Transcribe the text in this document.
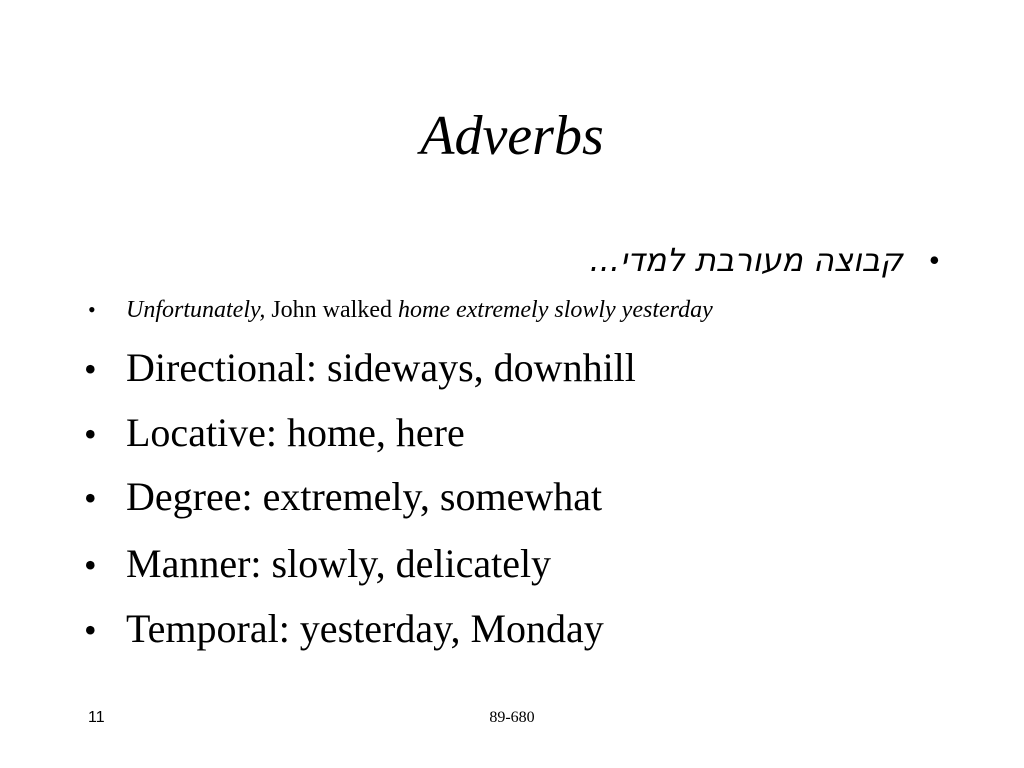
Adverbs
•קבוצה מעורבת למדי...
• Unfortunately, John walked home extremely slowly yesterday
• Directional: sideways, downhill
• Locative: home, here
• Degree: extremely, somewhat
• Manner: slowly, delicately
• Temporal: yesterday, Monday
11	89-680
